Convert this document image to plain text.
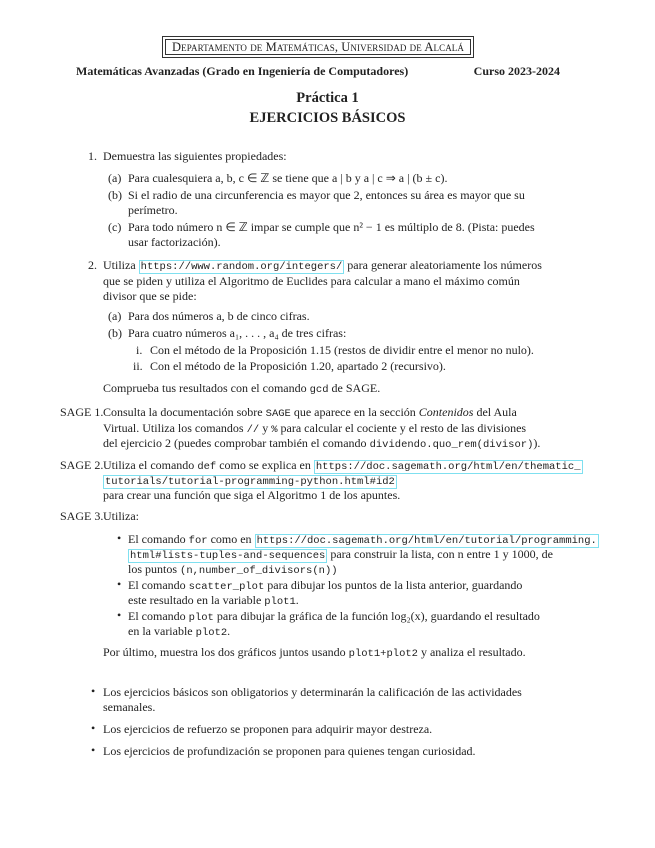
Departamento de Matemáticas, Universidad de Alcalá
Matemáticas Avanzadas (Grado en Ingeniería de Computadores)	Curso 2023-2024
Práctica 1
EJERCICIOS BÁSICOS
1. Demuestra las siguientes propiedades:
(a) Para cualesquiera a, b, c ∈ ℤ se tiene que a | b y a | c ⇒ a | (b ± c).
(b) Si el radio de una circunferencia es mayor que 2, entonces su área es mayor que su
perímetro.
(c) Para todo número n ∈ ℤ impar se cumple que n² − 1 es múltiplo de 8. (Pista: puedes
usar factorización).
2. Utiliza https://www.random.org/integers/ para generar aleatoriamente los números
que se piden y utiliza el Algoritmo de Euclides para calcular a mano el máximo común
divisor que se pide:
(a) Para dos números a, b de cinco cifras.
(b) Para cuatro números a₁, . . . , a₄ de tres cifras:
i. Con el método de la Proposición 1.15 (restos de dividir entre el menor no nulo).
ii. Con el método de la Proposición 1.20, apartado 2 (recursivo).
Comprueba tus resultados con el comando gcd de SAGE.
SAGE 1. Consulta la documentación sobre SAGE que aparece en la sección Contenidos del Aula
Virtual. Utiliza los comandos // y % para calcular el cociente y el resto de las divisiones
del ejercicio 2 (puedes comprobar también el comando dividendo.quo_rem(divisor)).
SAGE 2. Utiliza el comando def como se explica en https://doc.sagemath.org/html/en/thematic_
tutorials/tutorial-programming-python.html#id2
para crear una función que siga el Algoritmo 1 de los apuntes.
SAGE 3. Utiliza:
• El comando for como en https://doc.sagemath.org/html/en/tutorial/programming.
html#lists-tuples-and-sequences para construir la lista, con n entre 1 y 1000, de
los puntos (n,number_of_divisors(n))
• El comando scatter_plot para dibujar los puntos de la lista anterior, guardando
este resultado en la variable plot1.
• El comando plot para dibujar la gráfica de la función log₂(x), guardando el resultado
en la variable plot2.
Por último, muestra los dos gráficos juntos usando plot1+plot2 y analiza el resultado.
• Los ejercicios básicos son obligatorios y determinarán la calificación de las actividades
semanales.
• Los ejercicios de refuerzo se proponen para adquirir mayor destreza.
• Los ejercicios de profundización se proponen para quienes tengan curiosidad.
